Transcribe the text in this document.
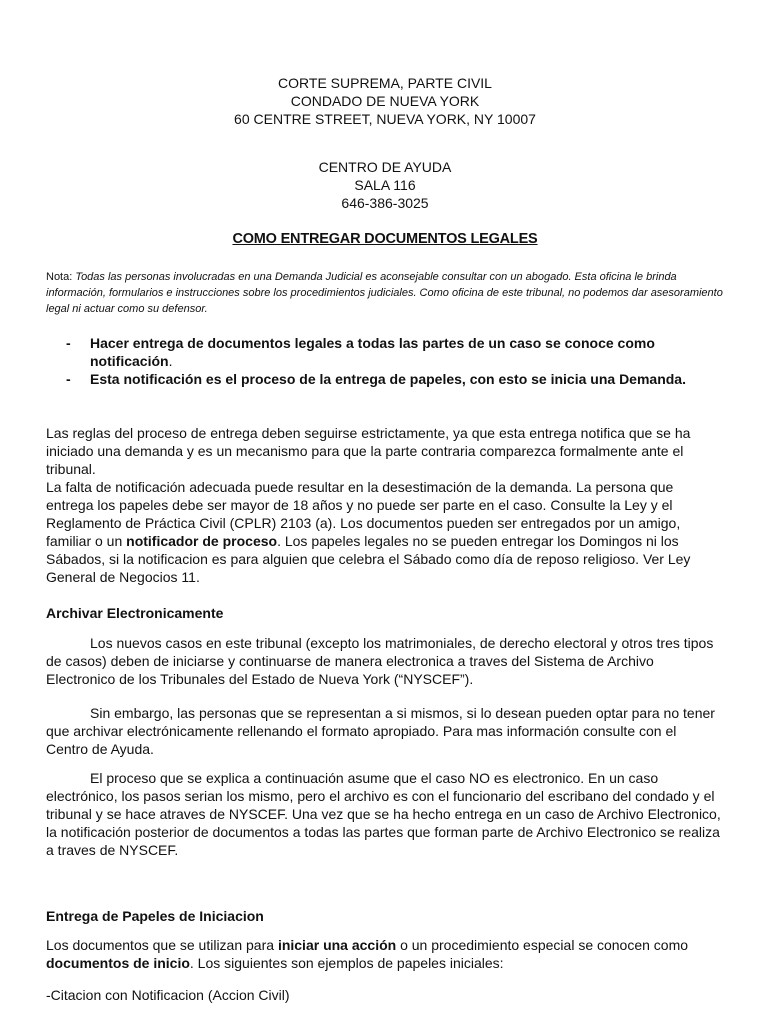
CORTE SUPREMA, PARTE CIVIL
CONDADO DE NUEVA YORK
60 CENTRE STREET, NUEVA YORK, NY 10007
CENTRO DE AYUDA
SALA 116
646-386-3025
COMO ENTREGAR DOCUMENTOS LEGALES
Nota: Todas las personas involucradas en una Demanda Judicial es aconsejable consultar con un abogado. Esta oficina le brinda información, formularios e instrucciones sobre los procedimientos judiciales. Como oficina de este tribunal, no podemos dar asesoramiento legal ni actuar como su defensor.
- Hacer entrega de documentos legales a todas las partes de un caso se conoce como notificación.
- Esta notificación es el proceso de la entrega de papeles, con esto se inicia una Demanda.
Las reglas del proceso de entrega deben seguirse estrictamente, ya que esta entrega notifica que se ha iniciado una demanda y es un mecanismo para que la parte contraria comparezca formalmente ante el tribunal.
La falta de notificación adecuada puede resultar en la desestimación de la demanda. La persona que entrega los papeles debe ser mayor de 18 años y no puede ser parte en el caso. Consulte la Ley y el Reglamento de Práctica Civil (CPLR) 2103 (a). Los documentos pueden ser entregados por un amigo, familiar o un notificador de proceso. Los papeles legales no se pueden entregar los Domingos ni los Sábados, si la notificacion es para alguien que celebra el Sábado como día de reposo religioso. Ver Ley General de Negocios 11.
Archivar Electronicamente
Los nuevos casos en este tribunal (excepto los matrimoniales, de derecho electoral y otros tres tipos de casos) deben de iniciarse y continuarse de manera electronica a traves del Sistema de Archivo Electronico de los Tribunales del Estado de Nueva York (“NYSCEF”).
Sin embargo, las personas que se representan a si mismos, si lo desean pueden optar para no tener que archivar electrónicamente rellenando el formato apropiado. Para mas información consulte con el Centro de Ayuda.
El proceso que se explica a continuación asume que el caso NO es electronico. En un caso electrónico, los pasos serian los mismo, pero el archivo es con el funcionario del escribano del condado y el tribunal y se hace atraves de NYSCEF. Una vez que se ha hecho entrega en un caso de Archivo Electronico, la notificación posterior de documentos a todas las partes que forman parte de Archivo Electronico se realiza a traves de NYSCEF.
Entrega de Papeles de Iniciacion
Los documentos que se utilizan para iniciar una acción o un procedimiento especial se conocen como documentos de inicio. Los siguientes son ejemplos de papeles iniciales:
-Citacion con Notificacion (Accion Civil)
